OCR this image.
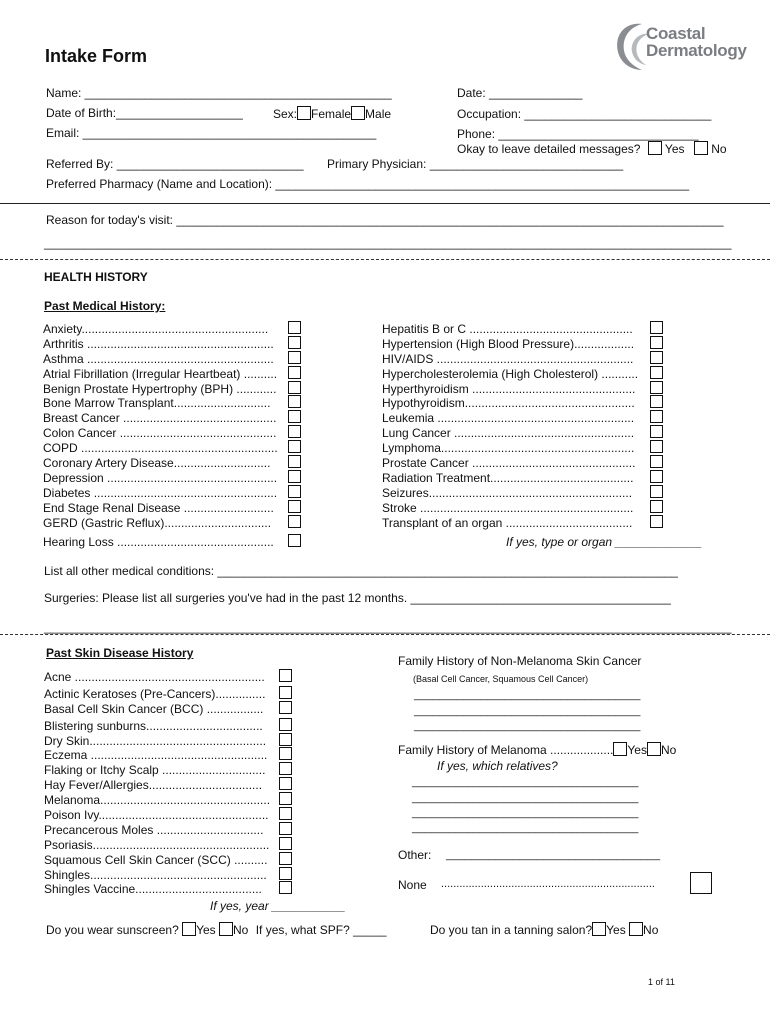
Intake Form
Coastal
Dermatology
Name: ______________________________________________
Date of Birth:___________________	Sex: Female Male
Email: ____________________________________________
Date: ______________
Occupation: ____________________________
Phone: ______________________________
Okay to leave detailed messages? Yes No
Referred By: ____________________________ Primary Physician: _____________________________
Preferred Pharmacy (Name and Location): ______________________________________________________________
Reason for today's visit: __________________________________________________________________________________
_______________________________________________________________________________________________________
HEALTH HISTORY
Past Medical History:
Anxiety........................................................
Arthritis ........................................................
Asthma ........................................................
Atrial Fibrillation (Irregular Heartbeat) ..........
Benign Prostate Hypertrophy (BPH) ............
Bone Marrow Transplant.............................
Breast Cancer ..............................................
Colon Cancer ...............................................
COPD ...........................................................
Coronary Artery Disease.............................
Depression ...................................................
Diabetes .......................................................
End Stage Renal Disease ...........................
GERD (Gastric Reflux)................................
Hearing Loss ...............................................
Hepatitis B or C .................................................
Hypertension (High Blood Pressure)..................
HIV/AIDS ...........................................................
Hypercholesterolemia (High Cholesterol) ...........
Hyperthyroidism .................................................
Hypothyroidism...................................................
Leukemia ...........................................................
Lung Cancer ......................................................
Lymphoma..........................................................
Prostate Cancer .................................................
Radiation Treatment...........................................
Seizures.............................................................
Stroke ................................................................
Transplant of an organ ......................................
If yes, type or organ _____________
List all other medical conditions: _____________________________________________________________________
Surgeries: Please list all surgeries you've had in the past 12 months. _______________________________________
_______________________________________________________________________________________________________
Past Skin Disease History
Acne .........................................................
Actinic Keratoses (Pre-Cancers)...............
Basal Cell Skin Cancer (BCC) .................
Blistering sunburns...................................
Dry Skin.....................................................
Eczema .....................................................
Flaking or Itchy Scalp ...............................
Hay Fever/Allergies..................................
Melanoma...................................................
Poison Ivy...................................................
Precancerous Moles ................................
Psoriasis.....................................................
Squamous Cell Skin Cancer (SCC) ..........
Shingles.....................................................
Shingles Vaccine......................................
If yes, year ___________
Family History of Non-Melanoma Skin Cancer
(Basal Cell Cancer, Squamous Cell Cancer)
_____________________________________
_____________________________________
_____________________________________
Family History of Melanoma ................... Yes No
If yes, which relatives?
_____________________________________
_____________________________________
_____________________________________
_____________________________________
Other: ___________________________________
None ......................................................................
Do you wear sunscreen? Yes No If yes, what SPF? _____	Do you tan in a tanning salon? Yes No
1 of 11
